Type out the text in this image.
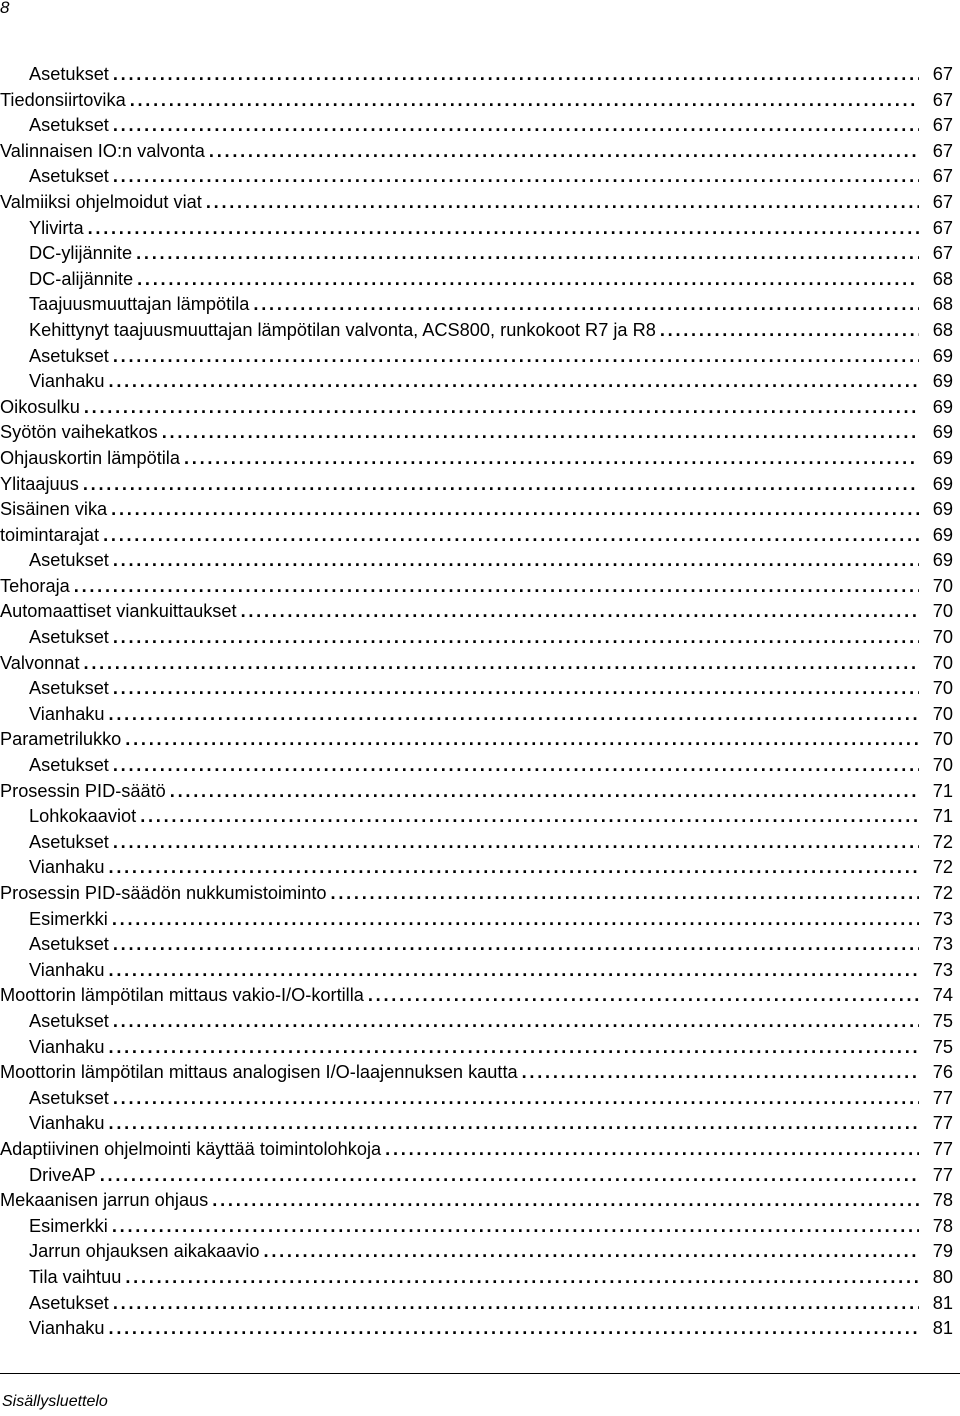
8
Asetukset . . .	67
Tiedonsiirtovika . . .	67
Asetukset . . .	67
Valinnaisen IO:n valvonta . . .	67
Asetukset . . .	67
Valmiiksi ohjelmoidut viat . . .	67
Ylivirta . . .	67
DC-ylijännite . . .	67
DC-alijännite . . .	68
Taajuusmuuttajan lämpötila . . .	68
Kehittynyt taajuusmuuttajan lämpötilan valvonta, ACS800, runkokoot R7 ja R8 . . .	68
Asetukset . . .	69
Vianhaku . . .	69
Oikosulku . . .	69
Syötön vaihekatkos . . .	69
Ohjauskortin lämpötila . . .	69
Ylitaajuus . . .	69
Sisäinen vika . . .	69
toimintarajat . . .	69
Asetukset . . .	69
Tehoraja . . .	70
Automaattiset viankuittaukset . . .	70
Asetukset . . .	70
Valvonnat . . .	70
Asetukset . . .	70
Vianhaku . . .	70
Parametrilukko . . .	70
Asetukset . . .	70
Prosessin PID-säätö . . .	71
Lohkokaaviot . . .	71
Asetukset . . .	72
Vianhaku . . .	72
Prosessin PID-säädön nukkumistoiminto . . .	72
Esimerkki . . .	73
Asetukset . . .	73
Vianhaku . . .	73
Moottorin lämpötilan mittaus vakio-I/O-kortilla . . .	74
Asetukset . . .	75
Vianhaku . . .	75
Moottorin lämpötilan mittaus analogisen I/O-laajennuksen kautta . . .	76
Asetukset . . .	77
Vianhaku . . .	77
Adaptiivinen ohjelmointi käyttää toimintolohkoja . . .	77
DriveAP . . .	77
Mekaanisen jarrun ohjaus . . .	78
Esimerkki . . .	78
Jarrun ohjauksen aikakaavio . . .	79
Tila vaihtuu . . .	80
Asetukset . . .	81
Vianhaku . . .	81
Sisällysluettelo
